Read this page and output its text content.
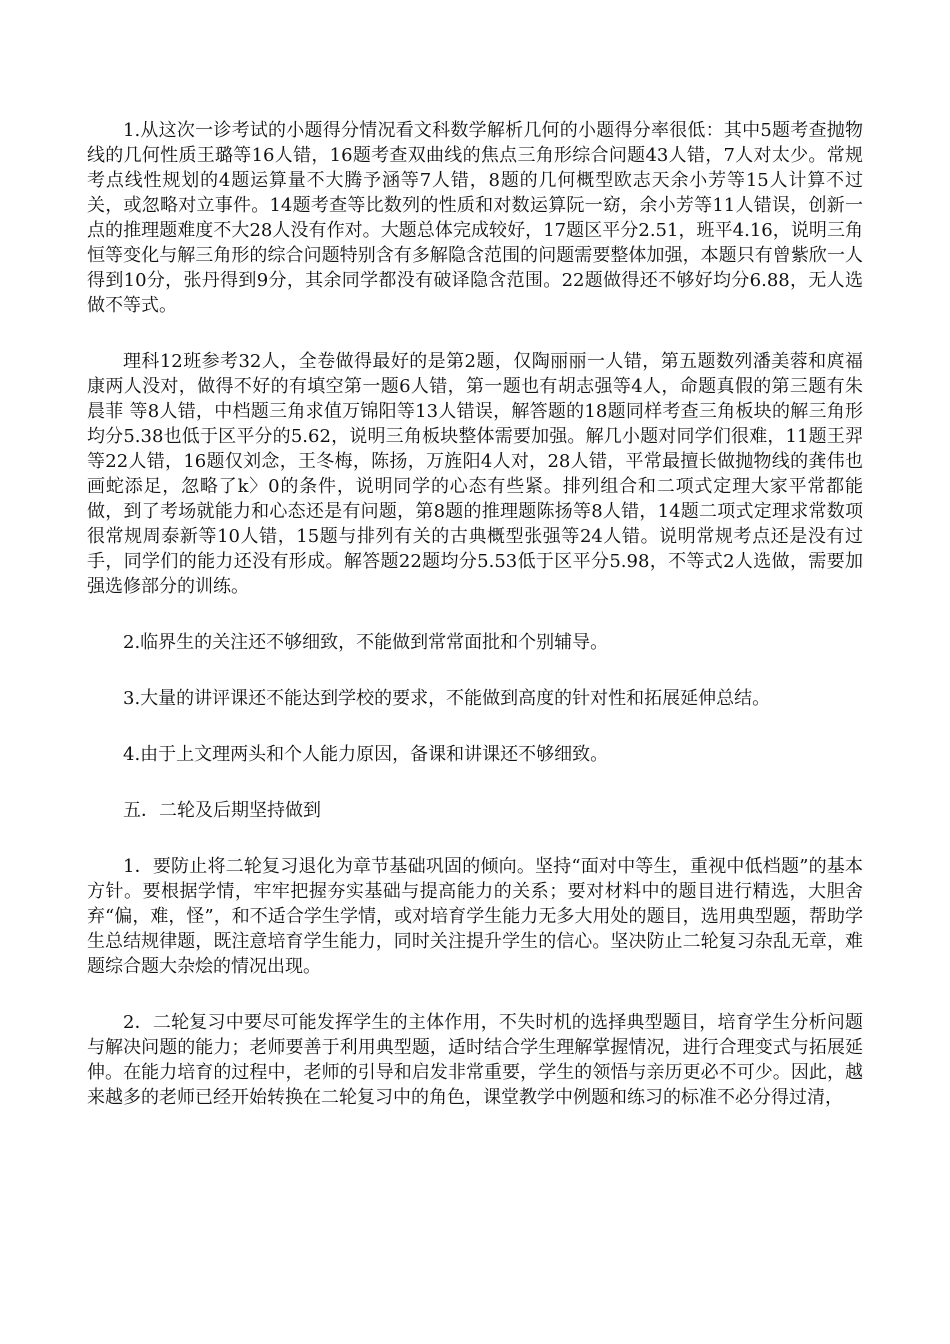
1.从这次一诊考试的小题得分情况看文科数学解析几何的小题得分率很低：其中5题考查抛物线的几何性质王璐等16人错，16题考查双曲线的焦点三角形综合问题43人错，7人对太少。常规考点线性规划的4题运算量不大腾予涵等7人错，8题的几何概型欧志天余小芳等15人计算不过关，或忽略对立事件。14题考查等比数列的性质和对数运算阮一窈，余小芳等11人错误，创新一点的推理题难度不大28人没有作对。大题总体完成较好，17题区平分2.51，班平4.16，说明三角恒等变化与解三角形的综合问题特别含有多解隐含范围的问题需要整体加强，本题只有曾紫欣一人得到10分，张丹得到9分，其余同学都没有破译隐含范围。22题做得还不够好均分6.88，无人选做不等式。

理科12班参考32人，全卷做得最好的是第2题，仅陶丽丽一人错，第五题数列潘美蓉和庹福康两人没对，做得不好的有填空第一题6人错，第一题也有胡志强等4人，命题真假的第三题有朱晨菲 等8人错，中档题三角求值万锦阳等13人错误，解答题的18题同样考查三角板块的解三角形均分5.38也低于区平分的5.62，说明三角板块整体需要加强。解几小题对同学们很难，11题王羿等22人错，16题仅刘念，王冬梅，陈扬，万旌阳4人对，28人错，平常最擅长做抛物线的龚伟也画蛇添足，忽略了k〉0的条件，说明同学的心态有些紧。排列组合和二项式定理大家平常都能做，到了考场就能力和心态还是有问题，第8题的推理题陈扬等8人错，14题二项式定理求常数项很常规周泰新等10人错，15题与排列有关的古典概型张强等24人错。说明常规考点还是没有过手，同学们的能力还没有形成。解答题22题均分5.53低于区平分5.98，不等式2人选做，需要加强选修部分的训练。

2.临界生的关注还不够细致，不能做到常常面批和个别辅导。

3.大量的讲评课还不能达到学校的要求，不能做到高度的针对性和拓展延伸总结。

4.由于上文理两头和个人能力原因，备课和讲课还不够细致。

五．二轮及后期坚持做到

1．要防止将二轮复习退化为章节基础巩固的倾向。坚持“面对中等生，重视中低档题”的基本方针。要根据学情，牢牢把握夯实基础与提高能力的关系；要对材料中的题目进行精选，大胆舍弃“偏，难，怪”，和不适合学生学情，或对培育学生能力无多大用处的题目，选用典型题，帮助学生总结规律题，既注意培育学生能力，同时关注提升学生的信心。坚决防止二轮复习杂乱无章，难题综合题大杂烩的情况出现。

2．二轮复习中要尽可能发挥学生的主体作用，不失时机的选择典型题目，培育学生分析问题与解决问题的能力；老师要善于利用典型题，适时结合学生理解掌握情况，进行合理变式与拓展延伸。在能力培育的过程中，老师的引导和启发非常重要，学生的领悟与亲历更必不可少。因此，越来越多的老师已经开始转换在二轮复习中的角色，课堂教学中例题和练习的标准不必分得过清，
